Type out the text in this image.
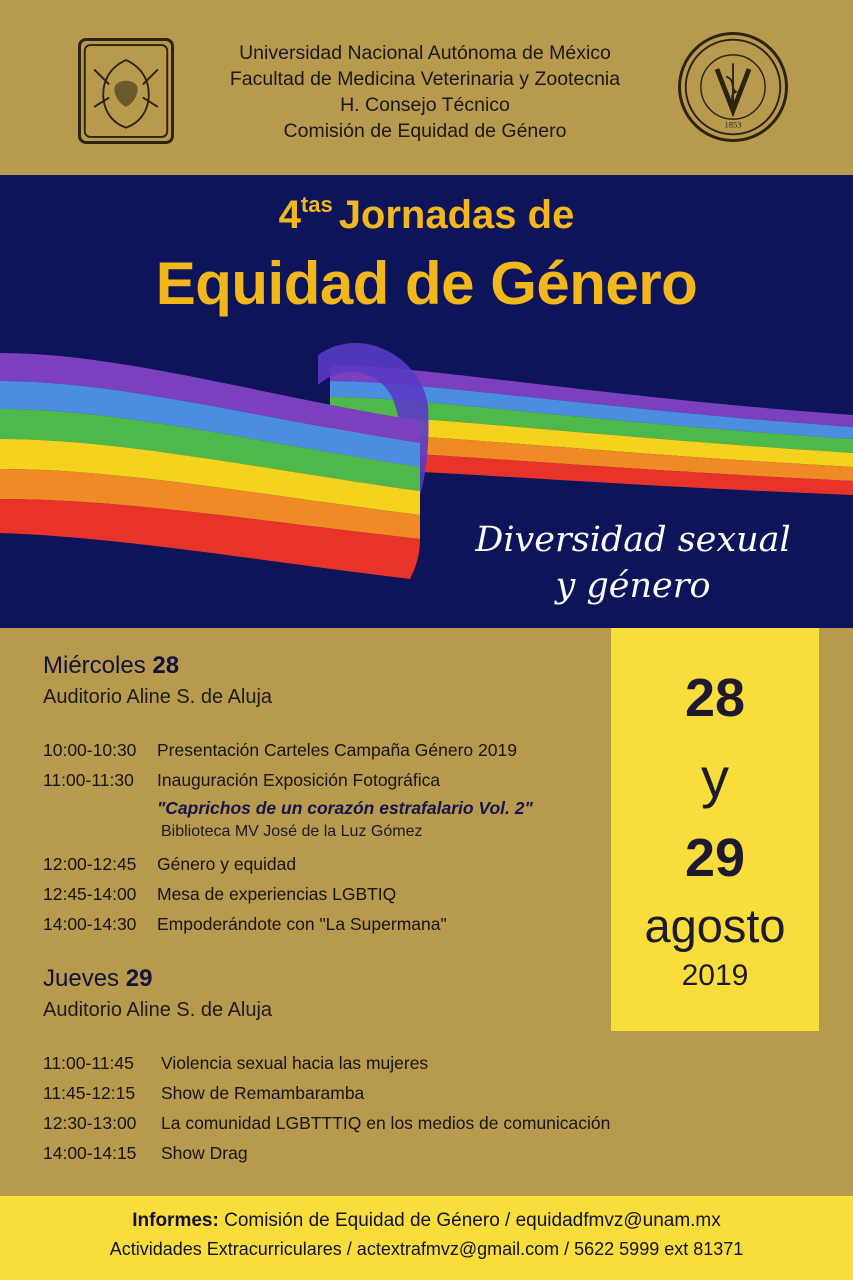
Universidad Nacional Autónoma de México
Facultad de Medicina Veterinaria y Zootecnia
H. Consejo Técnico
Comisión de Equidad de Género	1853
$4^{tas}$ Jornadas de
Equidad de Género
Diversidad sexual
y género
Miércoles 28
Auditorio Aline S. de Aluja
10:00-10:30	Presentación Carteles Campaña Género 2019
11:00-11:30	Inauguración Exposición Fotográfica
"Caprichos de un corazón estrafalario Vol. 2"
Biblioteca MV José de la Luz Gómez
12:00-12:45	Género y equidad
12:45-14:00	Mesa de experiencias LGBTIQ
14:00-14:30	Empoderándote con "La Supermana"
Jueves 29
Auditorio Aline S. de Aluja
11:00-11:45	Violencia sexual hacia las mujeres
11:45-12:15	Show de Remambaramba
12:30-13:00	La comunidad LGBTTTIQ en los medios de comunicación
14:00-14:15	Show Drag
28
y
29
agosto
2019
Informes: Comisión de Equidad de Género / equidadfmvz@unam.mx
Actividades Extracurriculares / actextrafmvz@gmail.com / 5622 5999 ext 81371
